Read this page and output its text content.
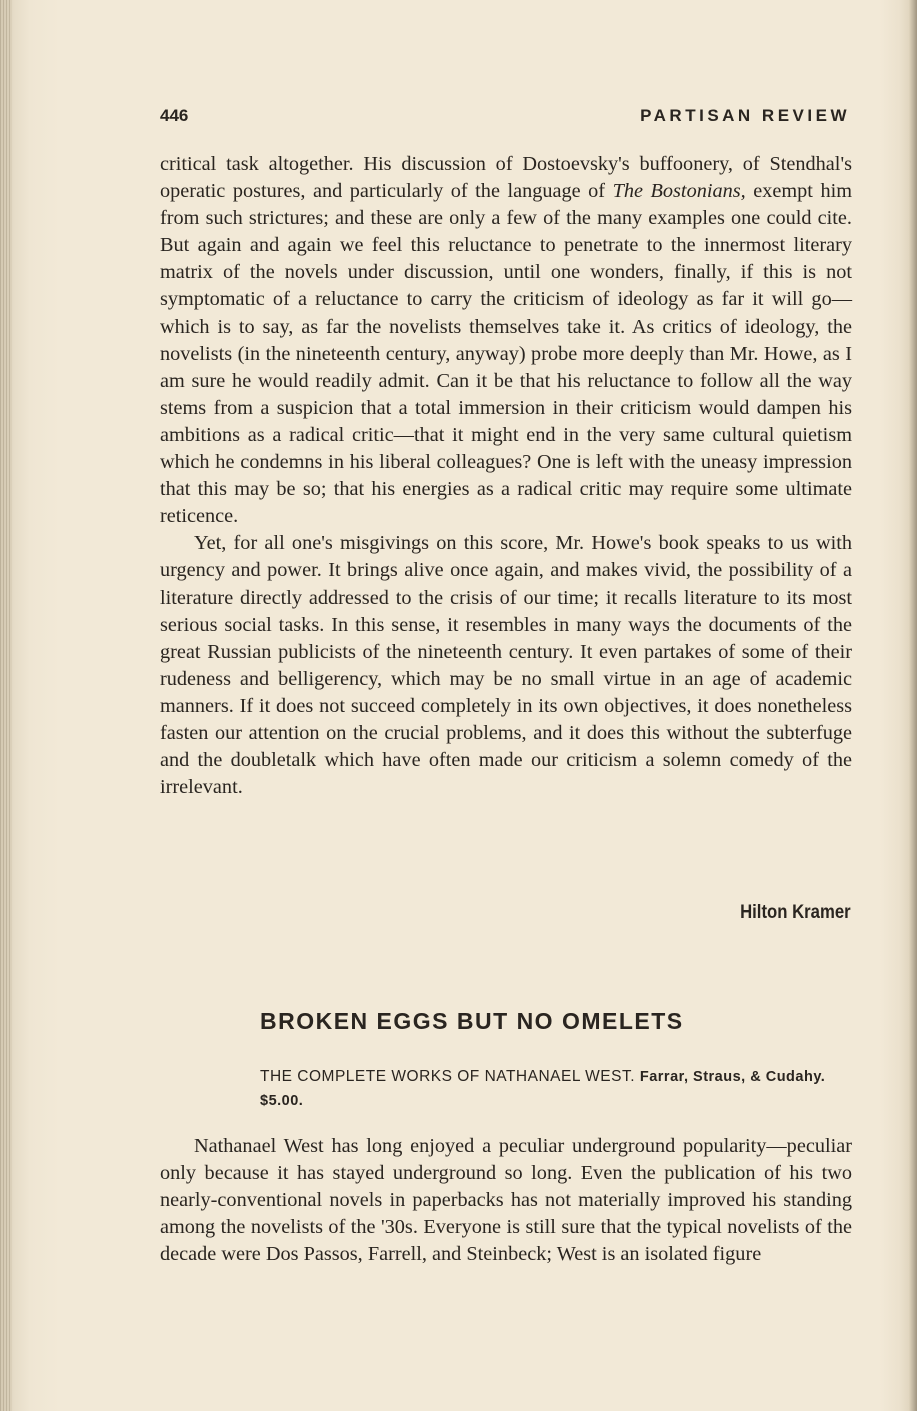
446	PARTISAN REVIEW

critical task altogether. His discussion of Dostoevsky's buffoonery, of Stendhal's operatic postures, and particularly of the language of The Bostonians, exempt him from such strictures; and these are only a few of the many examples one could cite. But again and again we feel this reluctance to penetrate to the innermost literary matrix of the novels under discussion, until one wonders, finally, if this is not symptomatic of a reluctance to carry the criticism of ideology as far it will go—which is to say, as far the novelists themselves take it. As critics of ideology, the novelists (in the nineteenth century, anyway) probe more deeply than Mr. Howe, as I am sure he would readily admit. Can it be that his reluctance to follow all the way stems from a suspicion that a total immersion in their criticism would dampen his ambitions as a radical critic—that it might end in the very same cultural quietism which he condemns in his liberal colleagues? One is left with the uneasy impression that this may be so; that his energies as a radical critic may require some ultimate reticence.

Yet, for all one's misgivings on this score, Mr. Howe's book speaks to us with urgency and power. It brings alive once again, and makes vivid, the possibility of a literature directly addressed to the crisis of our time; it recalls literature to its most serious social tasks. In this sense, it resembles in many ways the documents of the great Russian publicists of the nineteenth century. It even partakes of some of their rudeness and belligerency, which may be no small virtue in an age of academic manners. If it does not succeed completely in its own objectives, it does nonetheless fasten our attention on the crucial problems, and it does this without the subterfuge and the doubletalk which have often made our criticism a solemn comedy of the irrelevant.

Hilton Kramer
BROKEN EGGS BUT NO OMELETS
THE COMPLETE WORKS OF NATHANAEL WEST. Farrar, Straus, & Cudahy. $5.00.

Nathanael West has long enjoyed a peculiar underground popularity—peculiar only because it has stayed underground so long. Even the publication of his two nearly-conventional novels in paperbacks has not materially improved his standing among the novelists of the '30s. Everyone is still sure that the typical novelists of the decade were Dos Passos, Farrell, and Steinbeck; West is an isolated figure
